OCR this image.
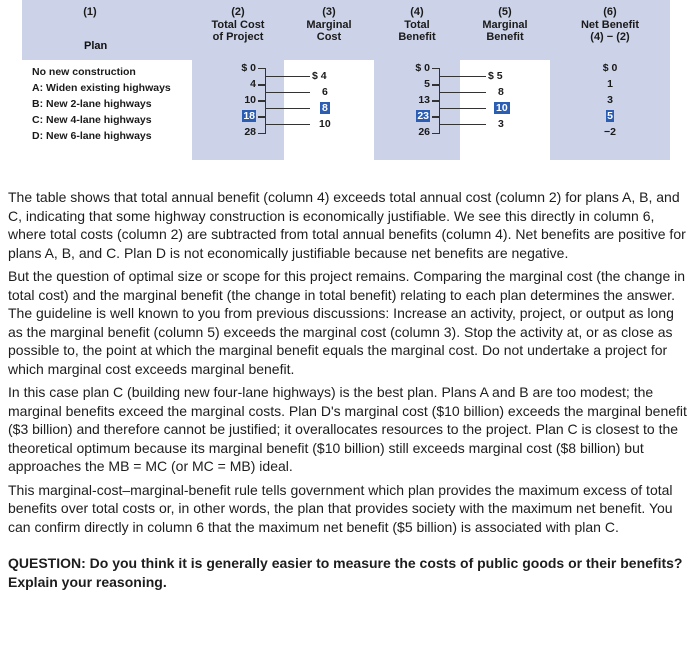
(1)
Plan
(2)
Total Cost
of Project
(3)
Marginal
Cost
(4)
Total
Benefit
(5)
Marginal
Benefit
(6)
Net Benefit
(4) − (2)
No new construction
A: Widen existing highways
B: New 2-lane highways
C: New 4-lane highways
D: New 6-lane highways
$ 0
4
10
18
28
$ 4
6
8
10
$ 0
5
13
23
26
$ 5
8
10
3
$ 0
1
3
5
−2

The table shows that total annual benefit (column 4) exceeds total annual cost (column 2) for plans A, B, and C, indicating that some highway construction is economically justifiable. We see this directly in column 6, where total costs (column 2) are subtracted from total annual benefits (column 4). Net benefits are positive for plans A, B, and C. Plan D is not economically justifiable because net benefits are negative.

But the question of optimal size or scope for this project remains. Comparing the marginal cost (the change in total cost) and the marginal benefit (the change in total benefit) relating to each plan determines the answer. The guideline is well known to you from previous discussions: Increase an activity, project, or output as long as the marginal benefit (column 5) exceeds the marginal cost (column 3). Stop the activity at, or as close as possible to, the point at which the marginal benefit equals the marginal cost. Do not undertake a project for which marginal cost exceeds marginal benefit.

In this case plan C (building new four-lane highways) is the best plan. Plans A and B are too modest; the marginal benefits exceed the marginal costs. Plan D's marginal cost ($10 billion) exceeds the marginal benefit ($3 billion) and therefore cannot be justified; it overallocates resources to the project. Plan C is closest to the theoretical optimum because its marginal benefit ($10 billion) still exceeds marginal cost ($8 billion) but approaches the MB = MC (or MC = MB) ideal.

This marginal-cost–marginal-benefit rule tells government which plan provides the maximum excess of total benefits over total costs or, in other words, the plan that provides society with the maximum net benefit. You can confirm directly in column 6 that the maximum net benefit ($5 billion) is associated with plan C.

QUESTION: Do you think it is generally easier to measure the costs of public goods or their benefits? Explain your reasoning.
